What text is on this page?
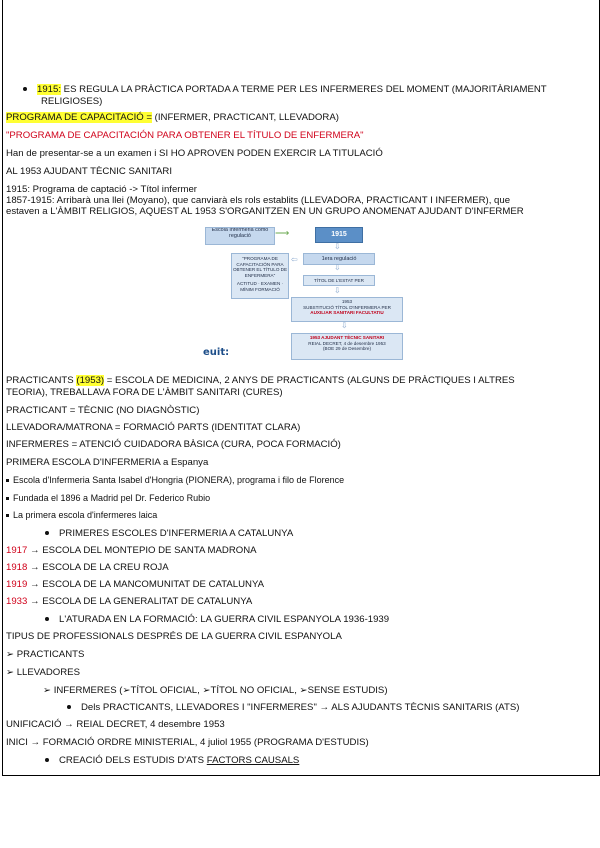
1915: ES REGULA LA PRÀCTICA PORTADA A TERME PER LES INFERMERES DEL MOMENT (MAJORITÀRIAMENT
RELIGIOSES)
PROGRAMA DE CAPACITACIÓ = (INFERMER, PRACTICANT, LLEVADORA)
"PROGRAMA DE CAPACITACIÓN PARA OBTENER EL TÍTULO DE ENFERMERA"
Han de presentar-se a un examen i SI HO APROVEN PODEN EXERCIR LA TITULACIÓ
AL 1953 AJUDANT TÈCNIC SANITARI
1915: Programa de captació -> Títol infermer
1857-1915: Arribarà una llei (Moyano), que canviarà els rols establits (LLEVADORA, PRACTICANT I INFERMER), que
estaven a L'ÀMBIT RELIGIOS, AQUEST AL 1953 S'ORGANITZEN EN UN GRUPO ANOMENAT AJUDANT D'INFERMER
Escola Infermeria como regulació	⟶	1915
⇩
"PROGRAMA DE CAPACITACIÓN PARA OBTENER EL TÍTULO DE ENFERMERA"
ACTITUD · EXAMEN · MÍNIM FORMACIÓ
⇦	1era regulació
⇩
TÍTOL DE L'ESTAT PER
⇩
1953
SUBSTITUCIÓ TÍTOL D'INFERMERA PER
AUXILIAR SANITARI FACULTATIU
⇩
1953 AJUDANT TÈCNIC SANITARI
REIAL DECRET, 4 de desembre 1953
(BOE 29 de Desembre)
euit:
PRACTICANTS (1953) = ESCOLA DE MEDICINA, 2 ANYS DE PRACTICANTS (ALGUNS DE PRÀCTIQUES I ALTRES
TEORIA), TREBALLAVA FORA DE L'ÀMBIT SANITARI (CURES)
PRACTICANT = TÈCNIC (NO DIAGNÒSTIC)
LLEVADORA/MATRONA = FORMACIÓ PARTS (IDENTITAT CLARA)
INFERMERES = ATENCIÓ CUIDADORA BÀSICA (CURA, POCA FORMACIÓ)
PRIMERA ESCOLA D'INFERMERIA a Espanya
Escola d'Infermeria Santa Isabel d'Hongria (PIONERA), programa i filo de Florence
Fundada el 1896 a Madrid pel Dr. Federico Rubio
La primera escola d'infermeres laica
PRIMERES ESCOLES D'INFERMERIA A CATALUNYA
1917 → ESCOLA DEL MONTEPIO DE SANTA MADRONA
1918 → ESCOLA DE LA CREU ROJA
1919 → ESCOLA DE LA MANCOMUNITAT DE CATALUNYA
1933 → ESCOLA DE LA GENERALITAT DE CATALUNYA
L'ATURADA EN LA FORMACIÓ: LA GUERRA CIVIL ESPANYOLA 1936-1939
TIPUS DE PROFESSIONALS DESPRÉS DE LA GUERRA CIVIL ESPANYOLA
➢ PRACTICANTS
➢ LLEVADORES
➢ INFERMERES (➢TÍTOL OFICIAL, ➢TÍTOL NO OFICIAL, ➢SENSE ESTUDIS)
Dels PRACTICANTS, LLEVADORES I "INFERMERES" → ALS AJUDANTS TÈCNIS SANITARIS (ATS)
UNIFICACIÓ → REIAL DECRET, 4 desembre 1953
INICI → FORMACIÓ ORDRE MINISTERIAL, 4 juliol 1955 (PROGRAMA D'ESTUDIS)
CREACIÓ DELS ESTUDIS D'ATS FACTORS CAUSALS
